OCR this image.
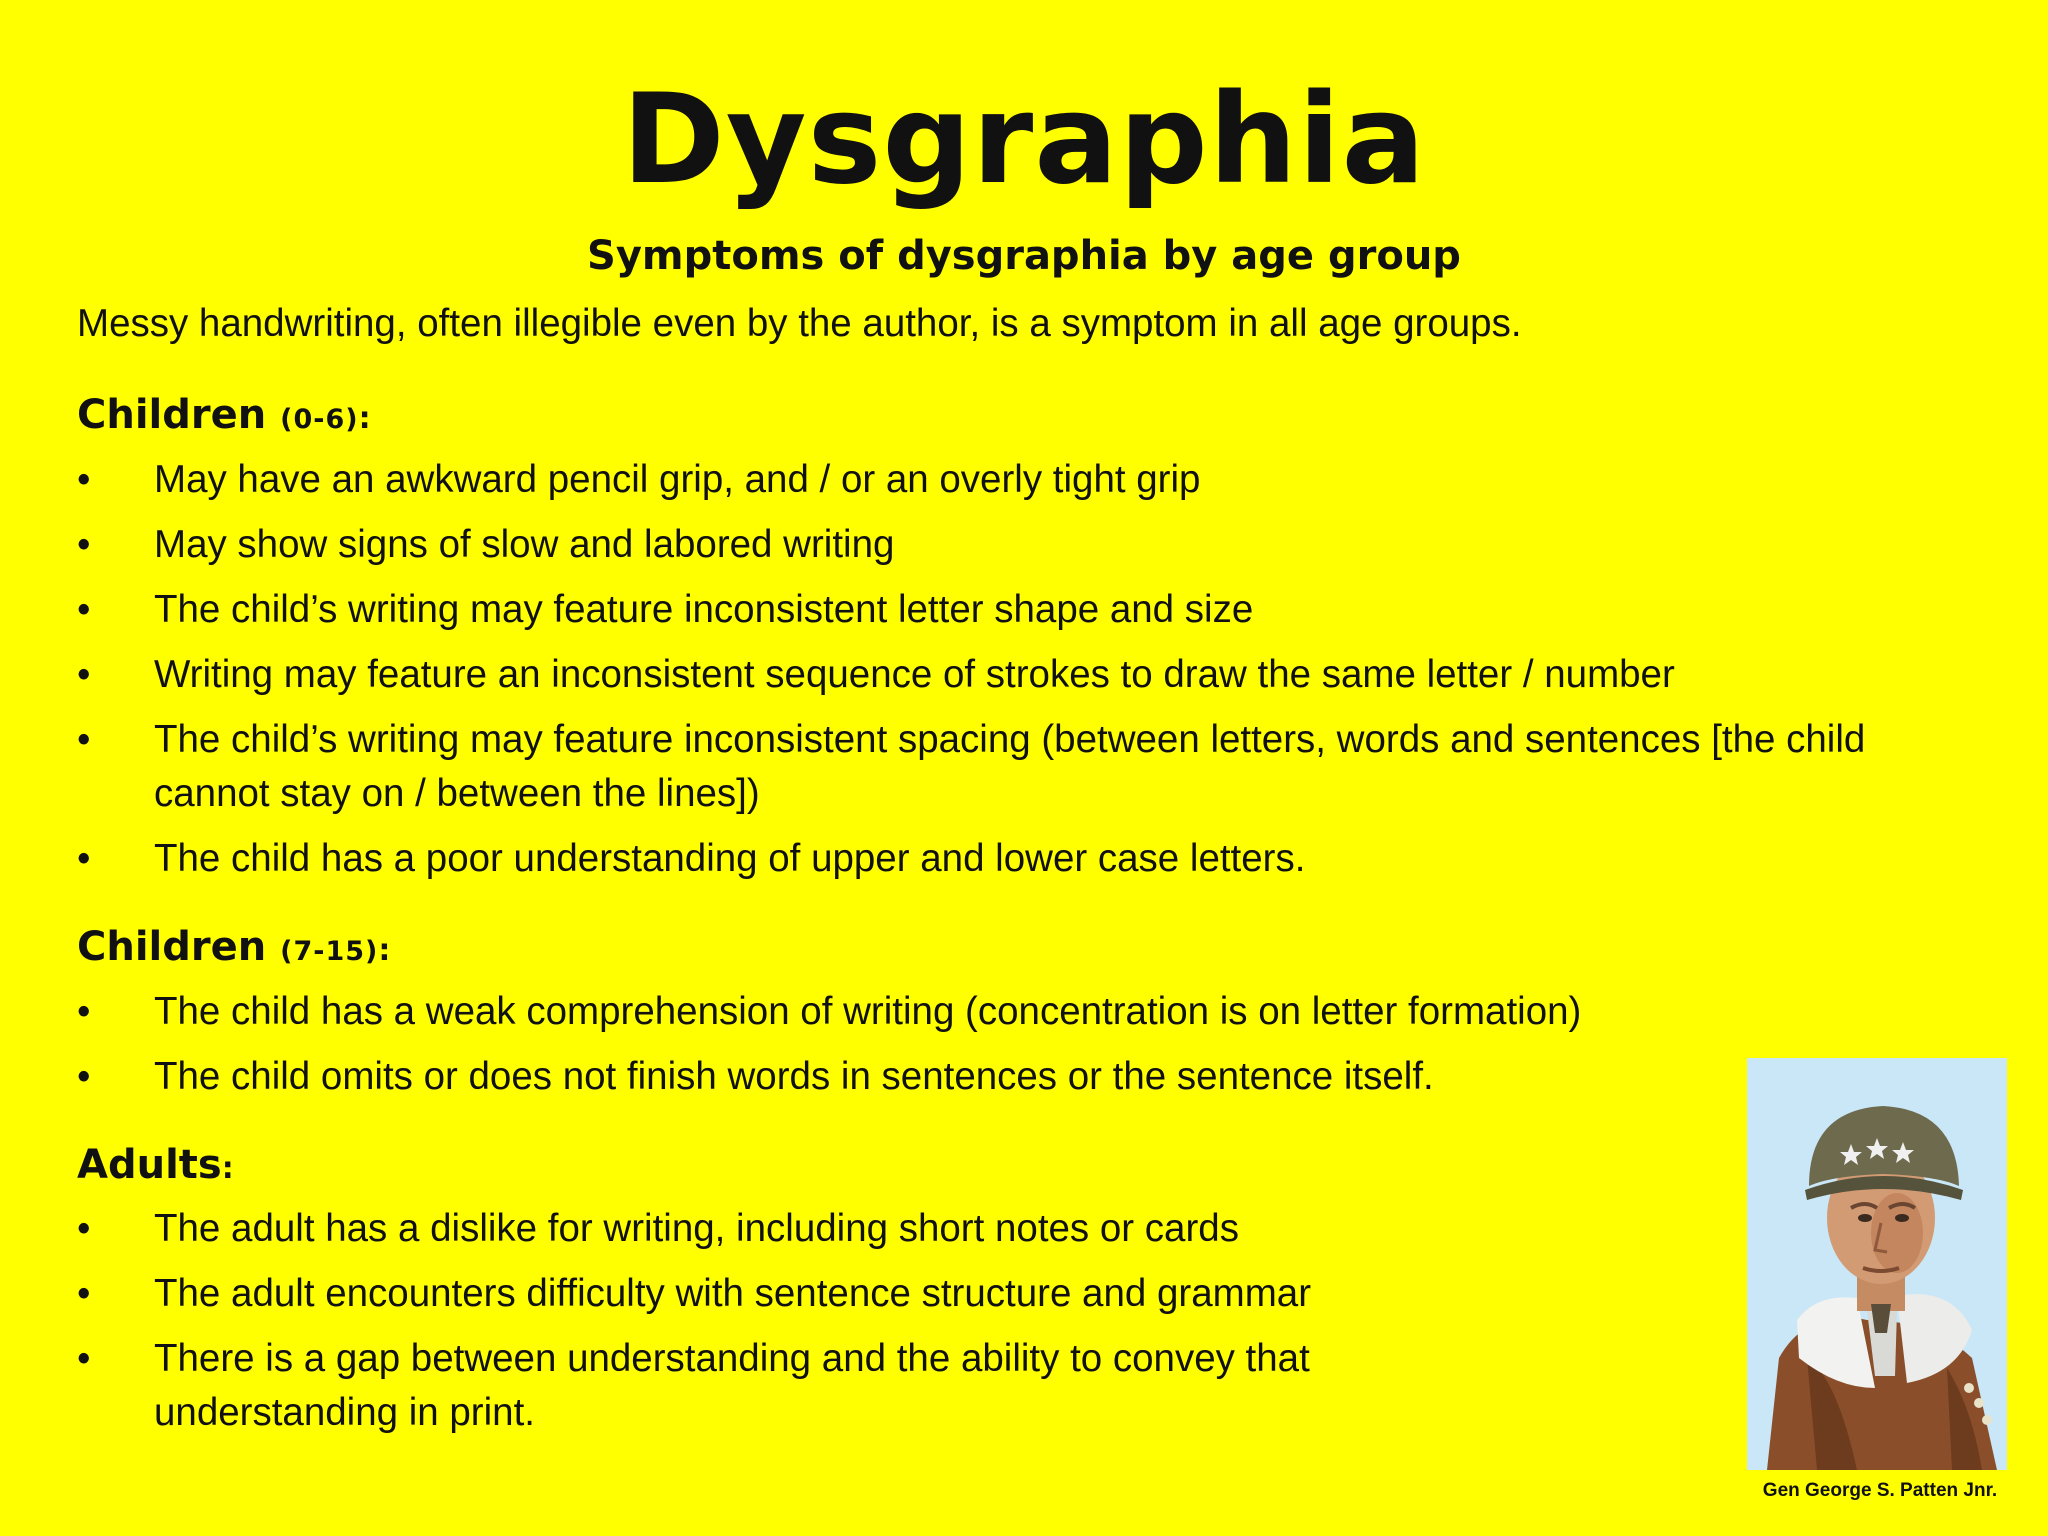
Dysgraphia
Symptoms of dysgraphia by age group

Messy handwriting, often illegible even by the author, is a symptom in all age groups.

Children (0-6):
•	May have an awkward pencil grip, and / or an overly tight grip
•	May show signs of slow and labored writing
•	The child’s writing may feature inconsistent letter shape and size
•	Writing may feature an inconsistent sequence of strokes to draw the same letter / number
•	The child’s writing may feature inconsistent spacing (between letters, words and sentences [the child cannot stay on / between the lines])
•	The child has a poor understanding of upper and lower case letters.
Children (7-15):
•	The child has a weak comprehension of writing (concentration is on letter formation)
•	The child omits or does not finish words in sentences or the sentence itself.
Adults:
•	The adult has a dislike for writing, including short notes or cards
•	The adult encounters difficulty with sentence structure and grammar
•	There is a gap between understanding and the ability to convey that understanding in print.
Gen George S. Patten Jnr.
